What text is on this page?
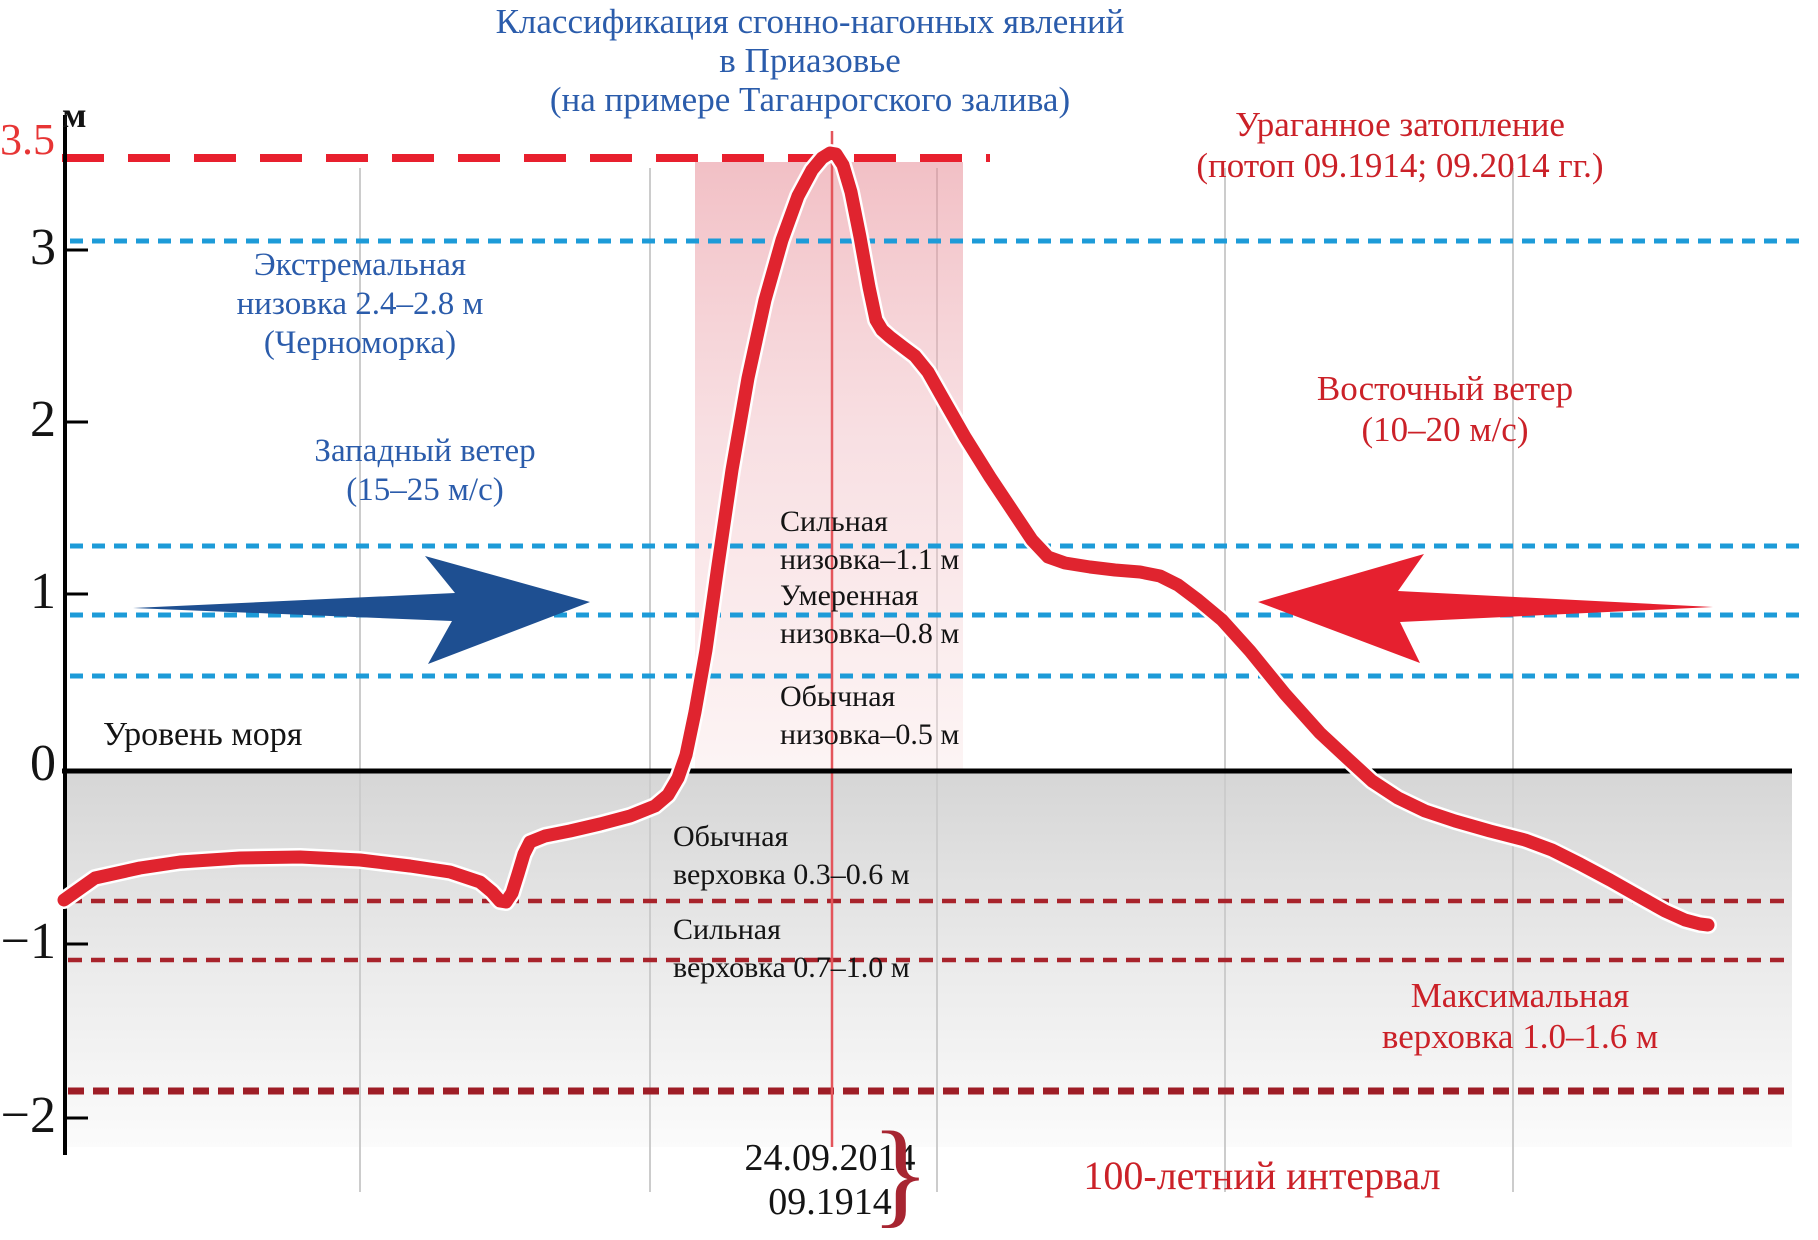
Классификация сгонно-нагонных явлений
в Приазовье
(на примере Таганрогского залива)
м
3.5
3
2
1
0
−1
−2
Ураганное затопление
(потоп 09.1914; 09.2014 гг.)
Экстремальная
низовка 2.4–2.8 м
(Черноморка)
Западный ветер
(15–25 м/с)
Восточный ветер
(10–20 м/с)
Сильная
низовка–1.1 м
Умеренная
низовка–0.8 м
Обычная
низовка–0.5 м
Уровень моря
Обычная
верховка 0.3–0.6 м
Сильная
верховка 0.7–1.0 м
Максимальная
верховка 1.0–1.6 м
24.09.2014
09.1914
}	100-летний интервал
